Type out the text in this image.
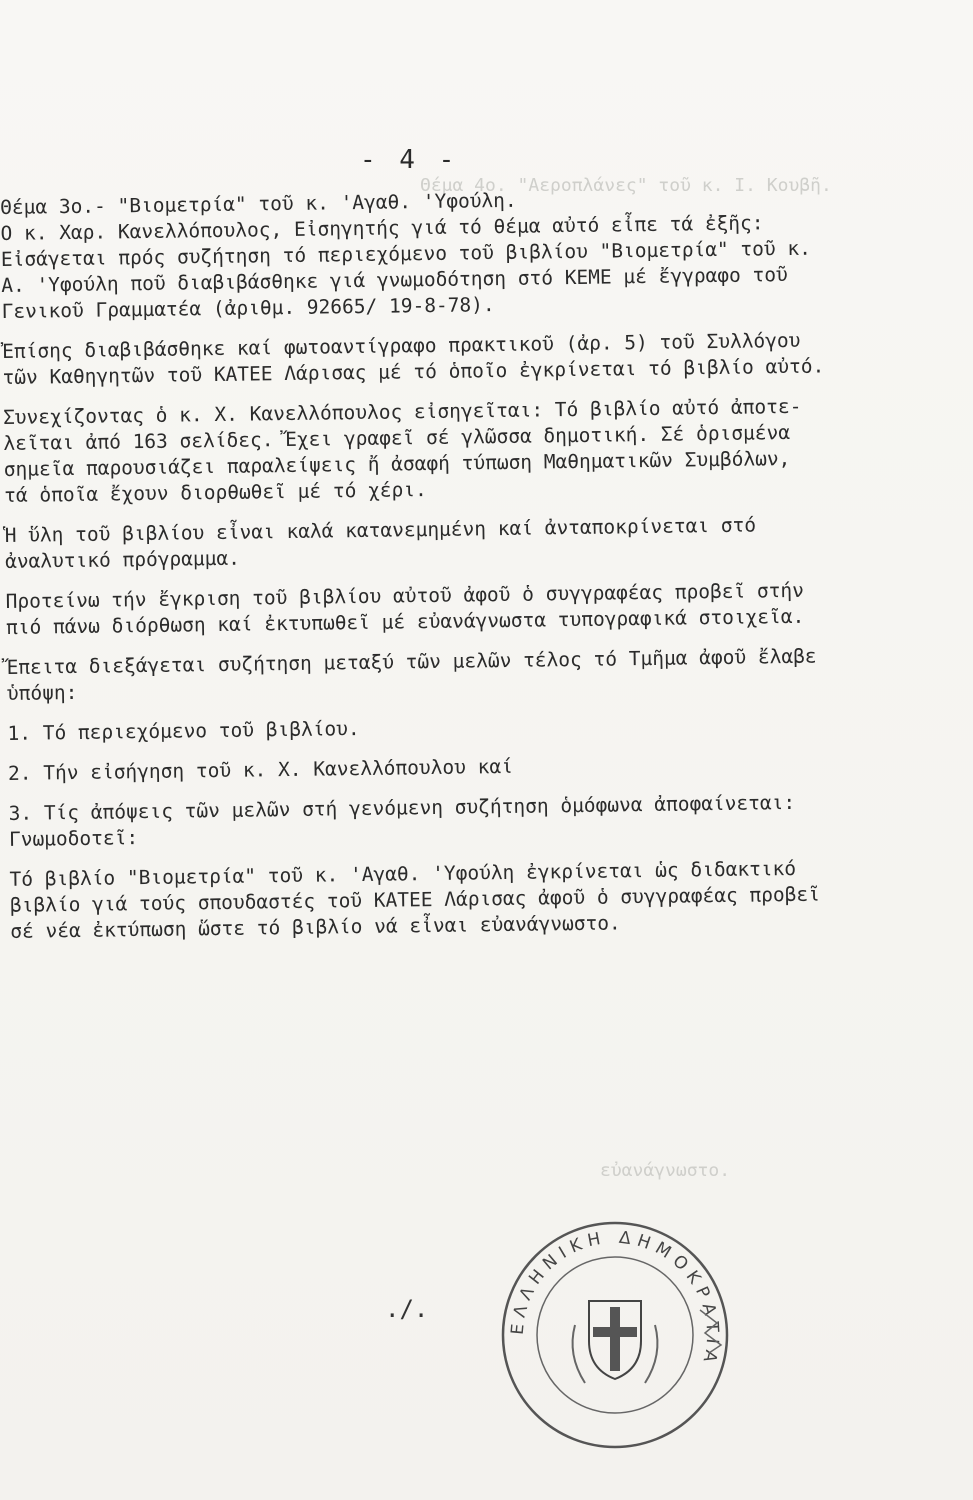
Θέμα 4ο. "Αεροπλάνες" τοῦ κ. Ι. Κουβῆ.
εὐανάγνωστο.
- 4 -
Θέμα 3ο.- "Βιομετρία" τοῦ κ. 'Αγαθ. 'Υφούλη.
Ο κ. Χαρ. Κανελλόπουλος, Εἰσηγητής γιά τό θέμα αὐτό εἶπε τά ἐξῆς:
Εἰσάγεται πρός συζήτηση τό περιεχόμενο τοῦ βιβλίου "Βιομετρία" τοῦ κ.
Α. 'Υφούλη ποῦ διαβιβάσθηκε γιά γνωμοδότηση στό ΚΕΜΕ μέ ἔγγραφο τοῦ
Γενικοῦ Γραμματέα (ἀριθμ. 92665/ 19-8-78).
Ἐπίσης διαβιβάσθηκε καί φωτοαντίγραφο πρακτικοῦ (ἀρ. 5) τοῦ Συλλόγου
τῶν Καθηγητῶν τοῦ ΚΑΤΕΕ Λάρισας μέ τό ὁποῖο ἐγκρίνεται τό βιβλίο αὐτό.
Συνεχίζοντας ὁ κ. Χ. Κανελλόπουλος εἰσηγεῖται: Τό βιβλίο αὐτό ἀποτε-
λεῖται ἀπό 163 σελίδες. Ἔχει γραφεῖ σέ γλῶσσα δημοτική. Σέ ὁρισμένα
σημεῖα παρουσιάζει παραλείψεις ἤ ἀσαφή τύπωση Μαθηματικῶν Συμβόλων,
τά ὁποῖα ἔχουν διορθωθεῖ μέ τό χέρι.
Ἡ ὕλη τοῦ βιβλίου εἶναι καλά κατανεμημένη καί ἀνταποκρίνεται στό
ἀναλυτικό πρόγραμμα.
Προτείνω τήν ἔγκριση τοῦ βιβλίου αὐτοῦ ἀφοῦ ὁ συγγραφέας προβεῖ στήν
πιό πάνω διόρθωση καί ἐκτυπωθεῖ μέ εὐανάγνωστα τυπογραφικά στοιχεῖα.
Ἔπειτα διεξάγεται συζήτηση μεταξύ τῶν μελῶν τέλος τό Τμῆμα ἀφοῦ ἔλαβε
ὑπόψη:
1. Τό περιεχόμενο τοῦ βιβλίου.
2. Τήν εἰσήγηση τοῦ κ. Χ. Κανελλόπουλου καί
3. Τίς ἀπόψεις τῶν μελῶν στή γενόμενη συζήτηση ὁμόφωνα ἀποφαίνεται:
Γνωμοδοτεῖ:
Τό βιβλίο "Βιομετρία" τοῦ κ. 'Αγαθ. 'Υφούλη ἐγκρίνεται ὡς διδακτικό
βιβλίο γιά τούς σπουδαστές τοῦ ΚΑΤΕΕ Λάρισας ἀφοῦ ὁ συγγραφέας προβεῖ
σέ νέα ἐκτύπωση ὥστε τό βιβλίο νά εἶναι εὐανάγνωστο.
./.
ΕΛΛΗΝΙΚΗ ΔΗΜΟΚΡΑΤΙΑ
